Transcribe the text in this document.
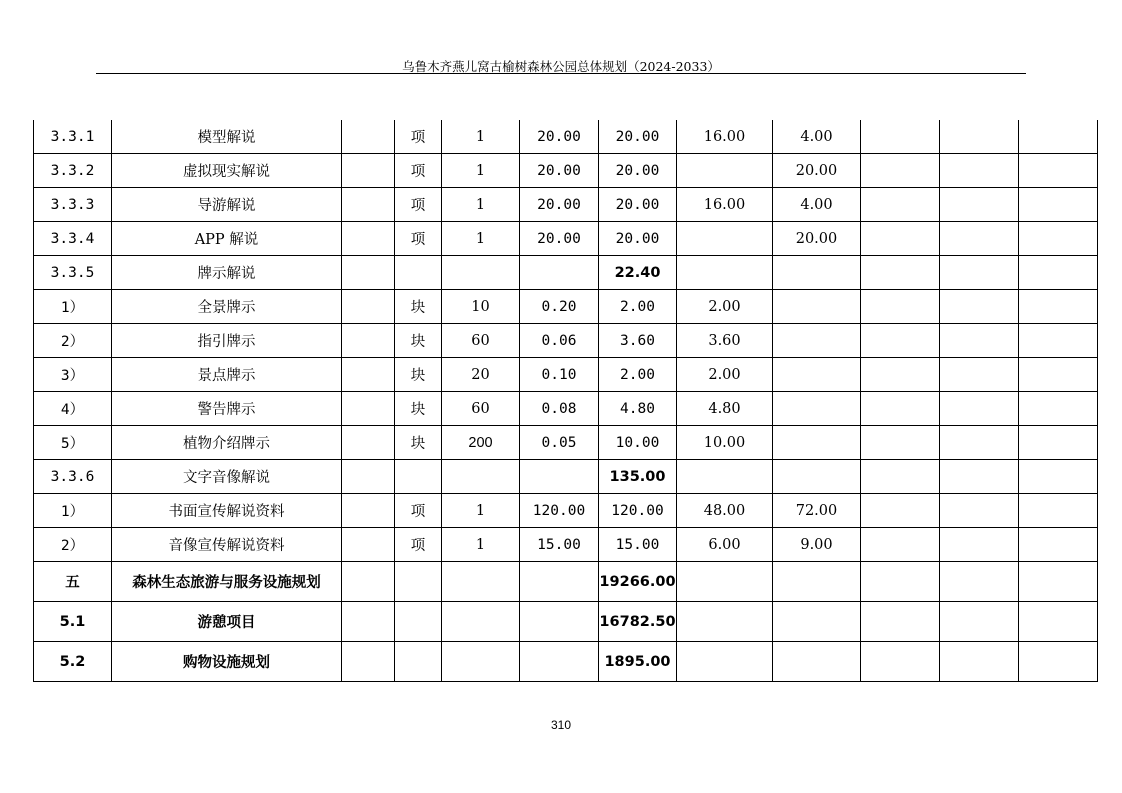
乌鲁木齐燕儿窝古榆树森林公园总体规划（2024-2033）
3.3.1	模型解说		项	1	20.00	20.00	16.00	4.00			
3.3.2	虚拟现实解说		项	1	20.00	20.00		20.00			
3.3.3	导游解说		项	1	20.00	20.00	16.00	4.00			
3.3.4	APP 解说		项	1	20.00	20.00		20.00			
3.3.5	牌示解说					22.40					
1）	全景牌示		块	10	0.20	2.00	2.00				
2）	指引牌示		块	60	0.06	3.60	3.60				
3）	景点牌示		块	20	0.10	2.00	2.00				
4）	警告牌示		块	60	0.08	4.80	4.80				
5）	植物介绍牌示		块	200	0.05	10.00	10.00				
3.3.6	文字音像解说					135.00					
1）	书面宣传解说资料		项	1	120.00	120.00	48.00	72.00			
2）	音像宣传解说资料		项	1	15.00	15.00	6.00	9.00			
五	森林生态旅游与服务设施规划					19266.00					
5.1	游憩项目					16782.50					
5.2	购物设施规划					1895.00					
310
